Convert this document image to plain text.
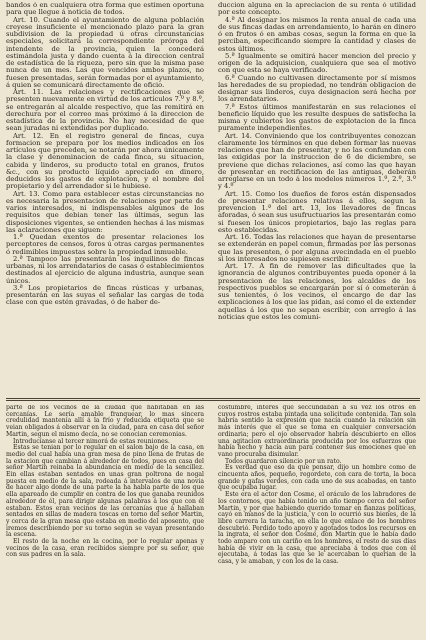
bandos ó en cualquiera otra forma que estimen oportuna para que llegue á noticia de todos.

Art. 10. Cuando el ayuntamiento de alguna población creyese insuficiente el mencionado plazo para la gran subdivision de la propiedad ú otras circunstancias especiales, solicitará la correspondiente próroga del intendente de la provincia, quien la concederá estimándola justa y dando cuenta á la direccion central de estadística de la riqueza, pero sin que la misma pase nunca de un mes. Las que vencidos ambos plazos, no fuesen presentadas, serán formadas por el ayuntamiento, á quien se comunicará directamente de oficio.

Art. 11. Las relaciones y rectificaciones que se presenten nuevamente en virtud de los artículos 7.º y 8.º, se entregarán al alcalde respectivo, que las remitirá en derechura por el correo mas próximo á la direccion de estadística de la provincia. No hay necesidad de que sean juradas ni extendidas por duplicado.

Art. 12. En el registro general de fincas, cuya formacion se prepara por los medios indicados en los artículos que preceden, se notarán por ahora únicamente la clase y denominacion de cada finca, su situacion, cabida y linderos, su producto total en granos, frutos &c., con su producto líquido apreciado en dinero, deducidos los gastos de explotacion, y el nombre del propietario y del arrendador si le hubiese.

Art. 13. Como para establecer estas circunstancias no es necesaria la presentacion de relaciones por parte de varios interesados, ni indispensables algunos de los requisitos que debian tener las últimas, segun las disposiciones vigentes, se entienden hechas á las mismas las aclaraciones que siguen:

1.ª Quedan exentos de presentar relaciones los perceptores de censos, foros ú otras cargas permanentes ó redimibles impuestas sobre la propiedad inmueble.

2.ª Tampoco las presentarán los inquilinos de fincas urbanas, ni los arrendatarios de casas ó establecimientos destinados al ejercicio de alguna industria, aunque sean únicos.

3.ª Los propietarios de fincas rústicas y urbanas, presentarán en las suyas el señalar las cargas de toda clase con que estén gravadas, ó de haber de-

duccion alguna en la apreciacion de su renta ó utilidad por este concepto.

4.ª Al designar los mismos la renta anual de cada una de sus fincas dadas en arrendamiento, lo harán en dinero ó en frutos ó en ambas cosas, segun la forma en que la perciban, especificando siempre la cantidad y clases de estos últimos.

5.ª Igualmente se omitirá hacer mencion del precio y origen de la adquisicion, cualquiera que sea el motivo con que esta se haya verificado.

6.ª Cuando no cultivasen directamente por sí mismos las heredades de su propiedad, no tendrán obligacion de designar sus linderos, cuya designacion será hecha por los arrendatarios.

7.ª Estos últimos manifestarán en sus relaciones el beneficio líquido que les resulte despues de satisfecha la misma y cubiertos los gastos de explotacion de la finca puramente independientes.

Art. 14. Conviniendo que los contribuyentes conozcan claramente los términos en que deben formar las nuevas relaciones que han de presentar, y no las confundan con las exigidas por la instruccion de 6 de diciembre, se previene que dichas relaciones, así como las que hayan de presentar en rectificacion de las antiguas, deberán arreglarse en un todo á los modelos números 1.º, 2.º, 3.º y 4.º

Art. 15. Como los dueños de foros están dispensados de presentar relaciones relativas á ellos, segun la prevencion 1.ª del art. 13, los llevadores de fincas aforadas, ó sean sus usufructuarios las presentarán como si fuesen los únicos propietarios, bajo las reglas para esto establecidas.

Art. 16. Todas las relaciones que hayan de presentarse se extenderán en papel comun, firmadas por las personas que las presenten, ó por alguna avecindada en el pueblo si los interesados no supiesen escribir.

Art. 17. A fin de remover las dificultades que la ignorancia de algunos contribuyentes pueda oponer á la presentacion de las relaciones, los alcaldes de los respectivos pueblos se encargarán por sí ó cometerán á sus tenientes, ó los vecinos, el encargo de dar las explicaciones á los que las pidan, así como el de extender aquellas á los que no sepan escribir, con arreglo á las noticias que estos les comuni-

parte de los vecinos de la ciudad que habitaban en las cercanías. Le sería amable franquear, lo mas sincera credulidad mantenía allí á la frío y reducida etiqueta que se veian obligados á observar en la ciudad, para en casa del señor Martin, segun el mismo decía, no se conocian ceremonias.

Introducíanse al tercer nimorá de estas reuniones.

Estas se tenian por lo regular en el salon bajo de la casa, en medio del cual había una gran mesa de pino llena de frutas de la estacion que cambian á alrededor de todos, pues en casa del señor Martin reinaba la abundancia en medio de la sencillez. Ein ellas estaban sentados en unas gran poltrona de nogal puesta en medio de la sala, rodeada á intervalos de una novia de hacer algo donde de una parte la ha habla parte de los que ella apareado de cumplir en contra de los que ganaba reunidos alrededor de él, para dirigir algunas palabras á los que con él estaban. Estos eran vecinos de las cercanías que á hallaban sentados en sillas de madera toscas en torno del señor Martin, y cerca de la gran mesa que estaba en medio del aposento, que iremos describiendo por su torno según se vayan presentando la escena.

El resto de la noche en la cocina, por lo regular apenas y vecinos de la casa, eran recibidos siempre por su señor, que con sus padres en la sala.

costumbre, interés que seccundaban á su vez los otros en cuyos rostros estaba pintada una solicitude contenida. Tan sola habría sentido la expresión que nacía cuando la relación sin más interés que el que se toma en cualquier conversación ordinaria; pero el ojo observador habría descubierto en ellos una agitacion extraordinaria producida por los esfuerzos que había hecho y hacía aun para contener sus emociones que en vano procuraba disimular.

Todos guardaron silencio por un rato.

Es verdad que eso da que pensar, dijo un hombre como de cincuenta años, pequeño, regordete, con cara de torta, la boca grande y gafas verdes, con cada uno de sus acabadas, en tanto que ocupaba lugar.

Este era el actor don Cosme, el oráculo de los labradores de los contornos, que había tenido un año tiempo cerca del señor Martin, y por que habiendo querido tomar en fianzas políticas, cayó en manos de la justicia, y con lo ocurrió sus bienes, de la libre carrera la taracha, en ella lo que enlace de los hombres descubrió. Perdido todo apoyo y agotados todos los recursos en la ingrata, el señor don Cosme, don Martin que le había dado todo amparo con un cariño en los hombres, el resto de sus días había de vivir en la casa, que apreciaba á todos que con él ejecutaba, á todas las que se le acercaban lo querian de la casa, y le amaban, y con los de la casa.
